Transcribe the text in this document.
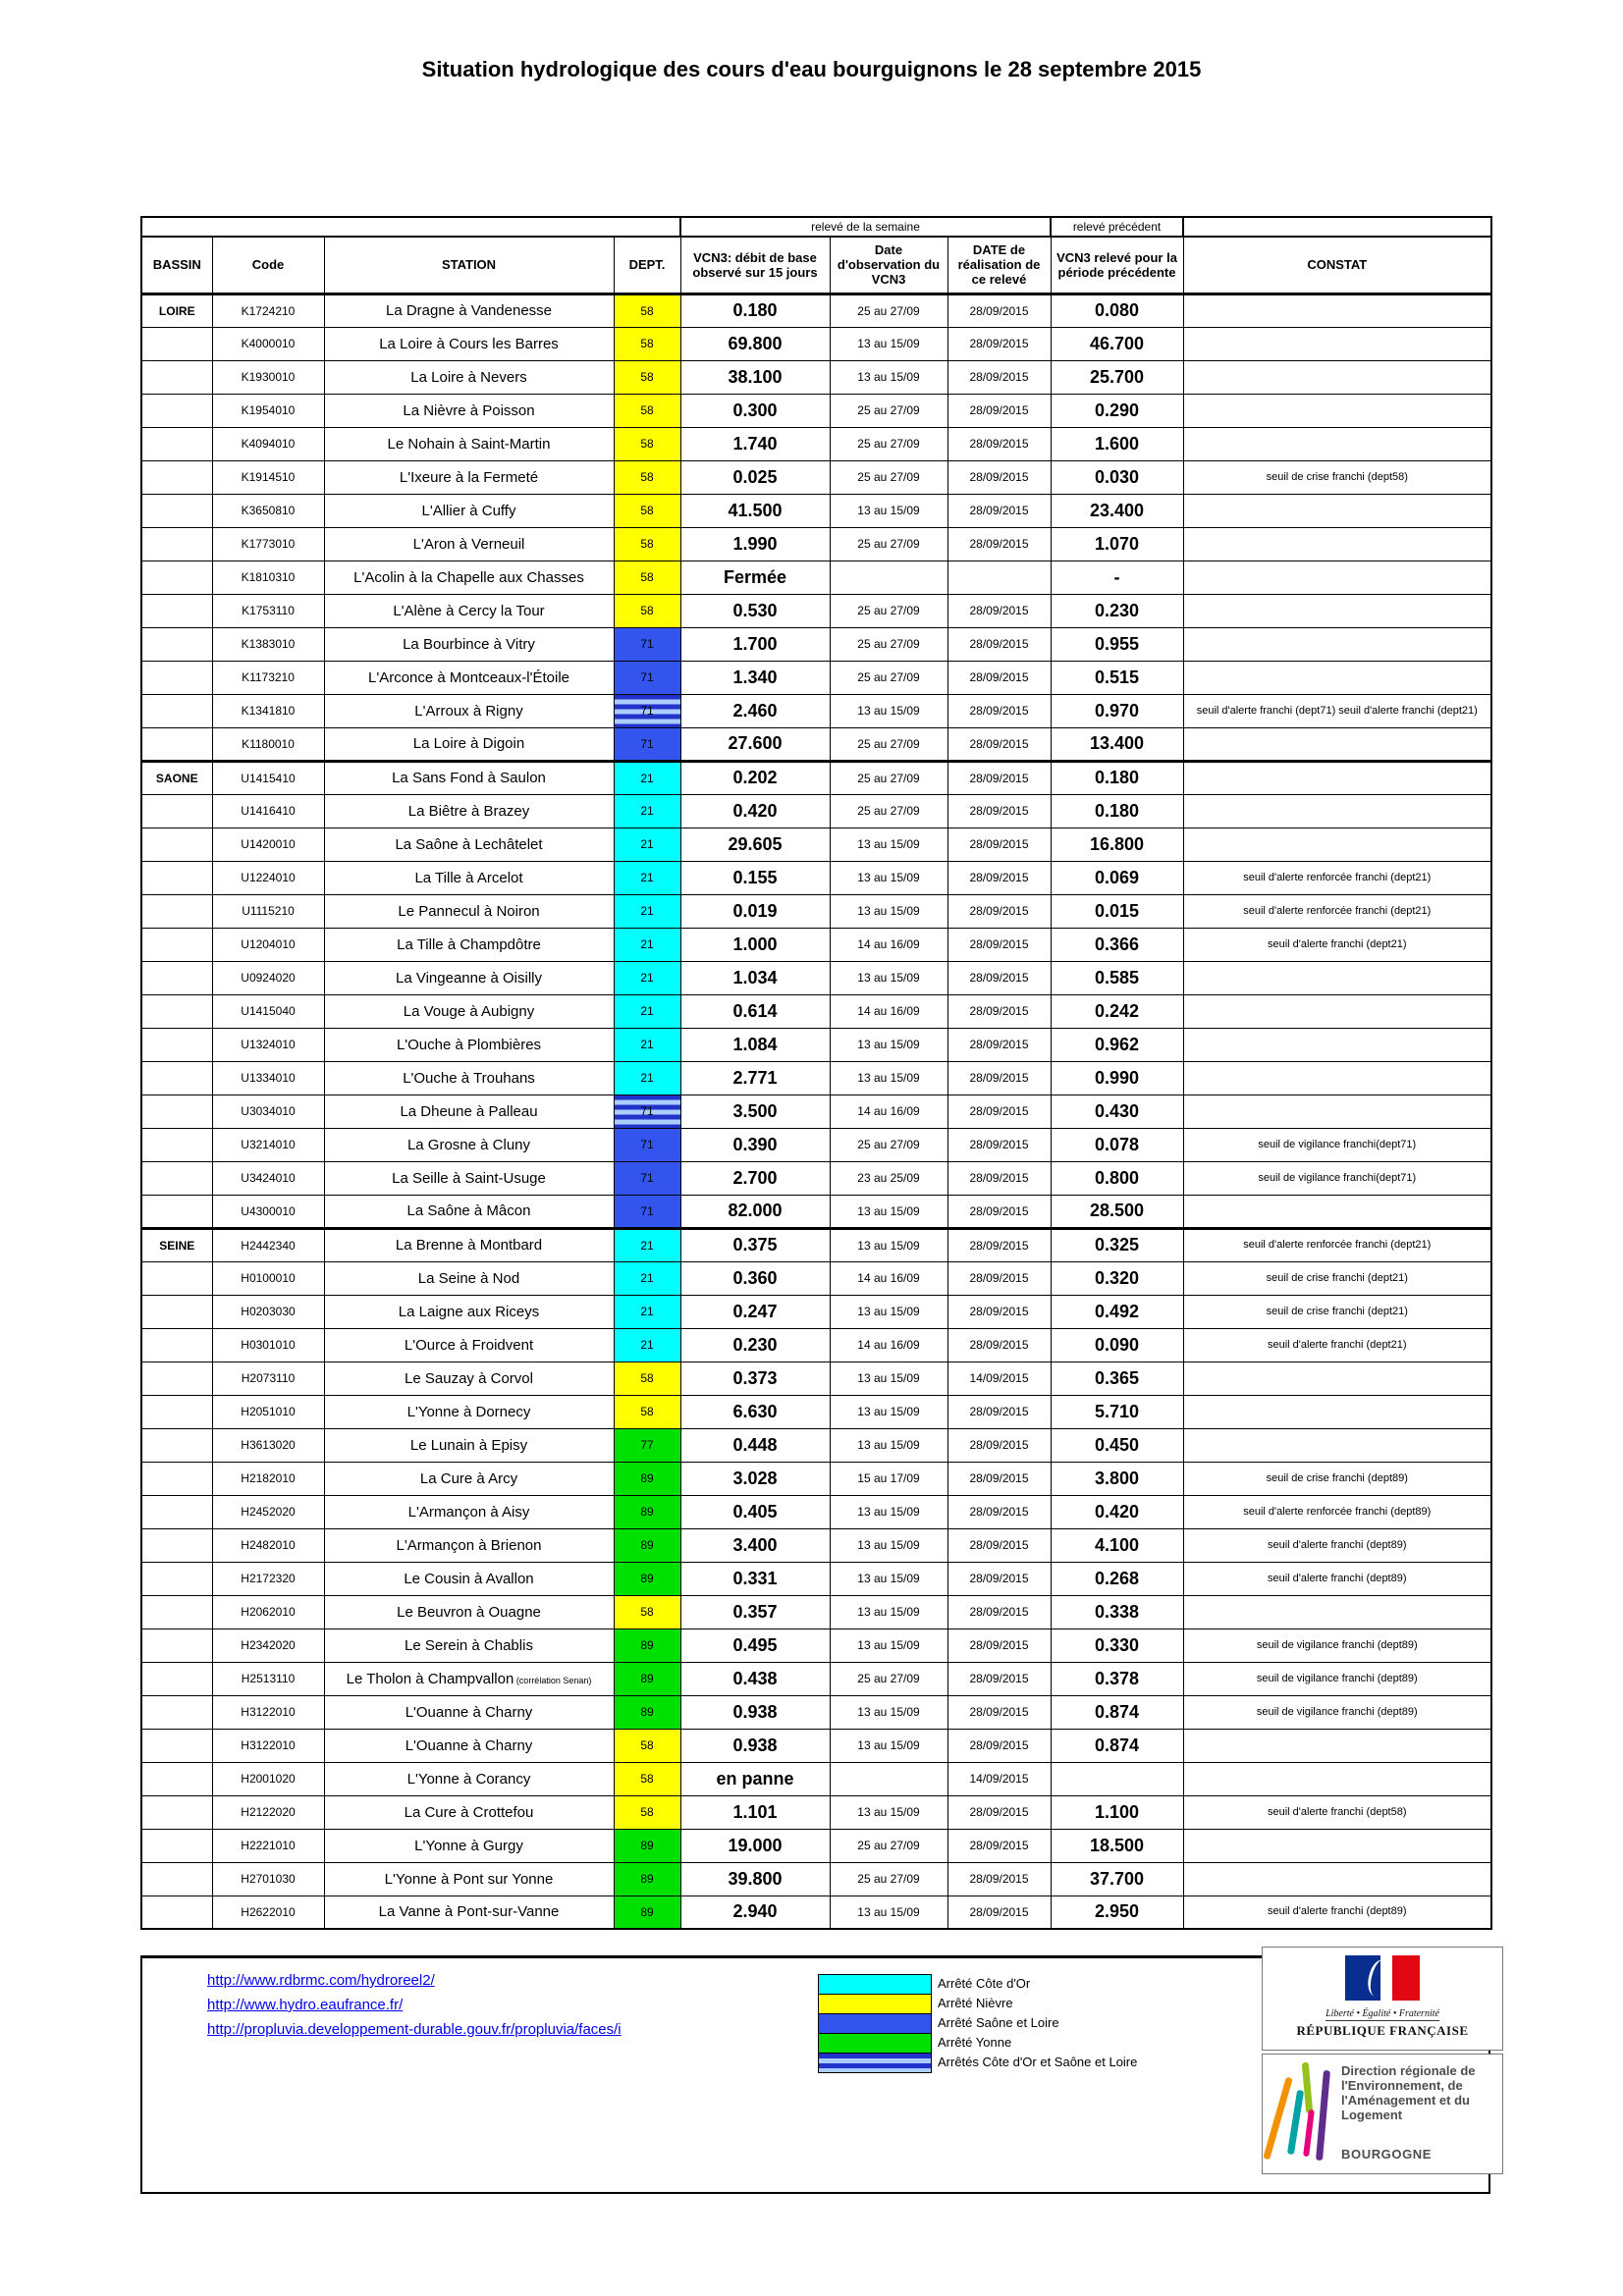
Situation hydrologique des cours d'eau bourguignons le 28 septembre 2015
				relevé de la semaine			relevé précédent	
BASSIN	Code	STATION	DEPT.	VCN3: débit de base observé sur 15 jours	Date d'observation du VCN3	DATE de réalisation de ce relevé	VCN3 relevé pour la période précédente	CONSTAT
LOIRE	K1724210	La Dragne à Vandenesse	58	0.180	25 au 27/09	28/09/2015	0.080	
	K4000010	La Loire à Cours les Barres	58	69.800	13 au 15/09	28/09/2015	46.700	
	K1930010	La Loire à Nevers	58	38.100	13 au 15/09	28/09/2015	25.700	
	K1954010	La Nièvre à Poisson	58	0.300	25 au 27/09	28/09/2015	0.290	
	K4094010	Le Nohain à Saint-Martin	58	1.740	25 au 27/09	28/09/2015	1.600	
	K1914510	L'Ixeure à la Fermeté	58	0.025	25 au 27/09	28/09/2015	0.030	seuil de crise franchi (dept58)
	K3650810	L'Allier à Cuffy	58	41.500	13 au 15/09	28/09/2015	23.400	
	K1773010	L'Aron à Verneuil	58	1.990	25 au 27/09	28/09/2015	1.070	
	K1810310	L'Acolin à la Chapelle aux Chasses	58	Fermée			-	
	K1753110	L'Alène à Cercy la Tour	58	0.530	25 au 27/09	28/09/2015	0.230	
	K1383010	La Bourbince à Vitry	71	1.700	25 au 27/09	28/09/2015	0.955	
	K1173210	L'Arconce à Montceaux-l'Étoile	71	1.340	25 au 27/09	28/09/2015	0.515	
	K1341810	L'Arroux à Rigny	71	2.460	13 au 15/09	28/09/2015	0.970	seuil d'alerte franchi (dept71) seuil d'alerte franchi (dept21)
	K1180010	La Loire à Digoin	71	27.600	25 au 27/09	28/09/2015	13.400	
SAONE	U1415410	La Sans Fond à Saulon	21	0.202	25 au 27/09	28/09/2015	0.180	
	U1416410	La Biêtre à Brazey	21	0.420	25 au 27/09	28/09/2015	0.180	
	U1420010	La Saône à Lechâtelet	21	29.605	13 au 15/09	28/09/2015	16.800	
	U1224010	La Tille à Arcelot	21	0.155	13 au 15/09	28/09/2015	0.069	seuil d'alerte renforcée franchi (dept21)
	U1115210	Le Pannecul à Noiron	21	0.019	13 au 15/09	28/09/2015	0.015	seuil d'alerte renforcée franchi (dept21)
	U1204010	La Tille à Champdôtre	21	1.000	14 au 16/09	28/09/2015	0.366	seuil d'alerte franchi (dept21)
	U0924020	La Vingeanne à Oisilly	21	1.034	13 au 15/09	28/09/2015	0.585	
	U1415040	La Vouge à Aubigny	21	0.614	14 au 16/09	28/09/2015	0.242	
	U1324010	L'Ouche à Plombières	21	1.084	13 au 15/09	28/09/2015	0.962	
	U1334010	L'Ouche à Trouhans	21	2.771	13 au 15/09	28/09/2015	0.990	
	U3034010	La Dheune à Palleau	71	3.500	14 au 16/09	28/09/2015	0.430	
	U3214010	La Grosne à Cluny	71	0.390	25 au 27/09	28/09/2015	0.078	seuil de vigilance franchi(dept71)
	U3424010	La Seille à Saint-Usuge	71	2.700	23 au 25/09	28/09/2015	0.800	seuil de vigilance franchi(dept71)
	U4300010	La Saône à Mâcon	71	82.000	13 au 15/09	28/09/2015	28.500	
SEINE	H2442340	La Brenne à Montbard	21	0.375	13 au 15/09	28/09/2015	0.325	seuil d'alerte renforcée franchi (dept21)
	H0100010	La Seine à Nod	21	0.360	14 au 16/09	28/09/2015	0.320	seuil de crise franchi (dept21)
	H0203030	La Laigne aux Riceys	21	0.247	13 au 15/09	28/09/2015	0.492	seuil de crise franchi (dept21)
	H0301010	L'Ource à Froidvent	21	0.230	14 au 16/09	28/09/2015	0.090	seuil d'alerte franchi (dept21)
	H2073110	Le Sauzay à Corvol	58	0.373	13 au 15/09	14/09/2015	0.365	
	H2051010	L'Yonne à Dornecy	58	6.630	13 au 15/09	28/09/2015	5.710	
	H3613020	Le Lunain à Episy	77	0.448	13 au 15/09	28/09/2015	0.450	
	H2182010	La Cure à Arcy	89	3.028	15 au 17/09	28/09/2015	3.800	seuil de crise franchi (dept89)
	H2452020	L'Armançon à Aisy	89	0.405	13 au 15/09	28/09/2015	0.420	seuil d'alerte renforcée franchi (dept89)
	H2482010	L'Armançon à Brienon	89	3.400	13 au 15/09	28/09/2015	4.100	seuil d'alerte franchi (dept89)
	H2172320	Le Cousin à Avallon	89	0.331	13 au 15/09	28/09/2015	0.268	seuil d'alerte franchi (dept89)
	H2062010	Le Beuvron à Ouagne	58	0.357	13 au 15/09	28/09/2015	0.338	
	H2342020	Le Serein à Chablis	89	0.495	13 au 15/09	28/09/2015	0.330	seuil de vigilance franchi (dept89)
	H2513110	Le Tholon à Champvallon (corrélation Senan)	89	0.438	25 au 27/09	28/09/2015	0.378	seuil de vigilance franchi (dept89)
	H3122010	L'Ouanne à Charny	89	0.938	13 au 15/09	28/09/2015	0.874	seuil de vigilance franchi (dept89)
	H3122010	L'Ouanne à Charny	58	0.938	13 au 15/09	28/09/2015	0.874	
	H2001020	L'Yonne à Corancy	58	en panne		14/09/2015		
	H2122020	La Cure à Crottefou	58	1.101	13 au 15/09	28/09/2015	1.100	seuil d'alerte franchi (dept58)
	H2221010	L'Yonne à Gurgy	89	19.000	25 au 27/09	28/09/2015	18.500	
	H2701030	L'Yonne à Pont sur Yonne	89	39.800	25 au 27/09	28/09/2015	37.700	
	H2622010	La Vanne à Pont-sur-Vanne	89	2.940	13 au 15/09	28/09/2015	2.950	seuil d'alerte franchi (dept89)
http://www.rdbrmc.com/hydroreel2/
http://www.hydro.eaufrance.fr/
http://propluvia.developpement-durable.gouv.fr/propluvia/faces/i
Arrêté Côte d'Or
Arrêté Nièvre
Arrêté Saône et Loire
Arrêté Yonne
Arrêtés Côte d'Or et Saône et Loire
Liberté • Égalité • Fraternité
RÉPUBLIQUE FRANÇAISE
Direction régionale de l'Environnement, de l'Aménagement et du Logement
BOURGOGNE
